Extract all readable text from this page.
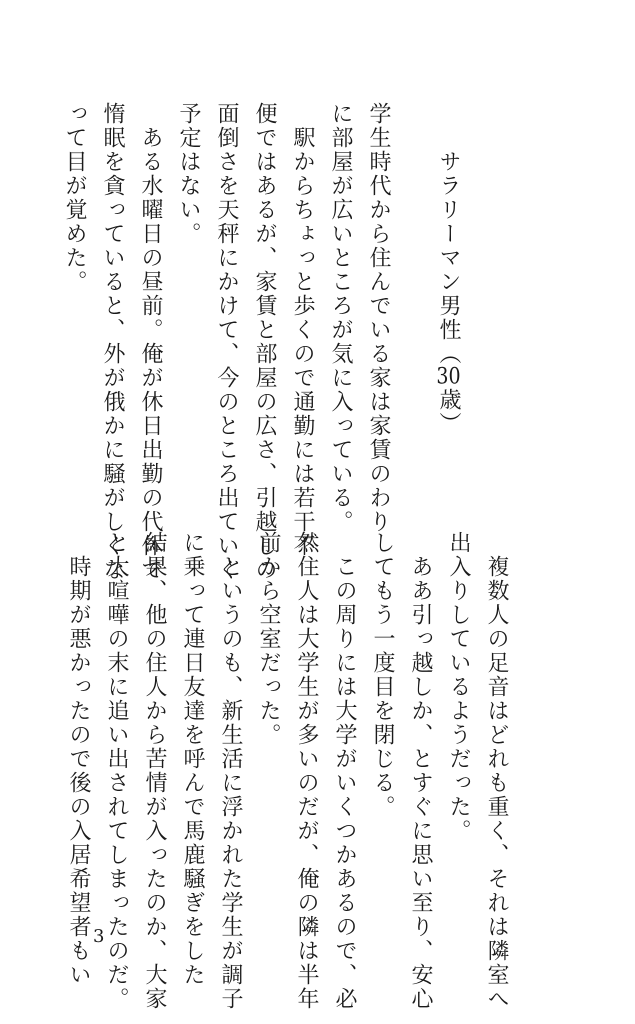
サラリーマン男性（30歳）
学生時代から住んでいる家は家賃のわり
に部屋が広いところが気に入っている。
　駅からちょっと歩くので通勤には若干不
便ではあるが、家賃と部屋の広さ、引越しの
面倒さを天秤にかけて、今のところ出ていく
予定はない。
　ある水曜日の昼前。俺が休日出勤の代休で
惰眠を貪っていると、外が俄かに騒がしくな
って目が覚めた。
　複数人の足音はどれも重く、それは隣室へ
出入りしているようだった。
　ああ引っ越しか、とすぐに思い至り、安心
してもう一度目を閉じる。
　この周りには大学がいくつかあるので、必
然住人は大学生が多いのだが、俺の隣は半年
前から空室だった。
　というのも、新生活に浮かれた学生が調子
に乗って連日友達を呼んで馬鹿騒ぎをした
結果、他の住人から苦情が入ったのか、大家
と大喧嘩の末に追い出されてしまったのだ。
　時期が悪かったので後の入居希望者もい 3
